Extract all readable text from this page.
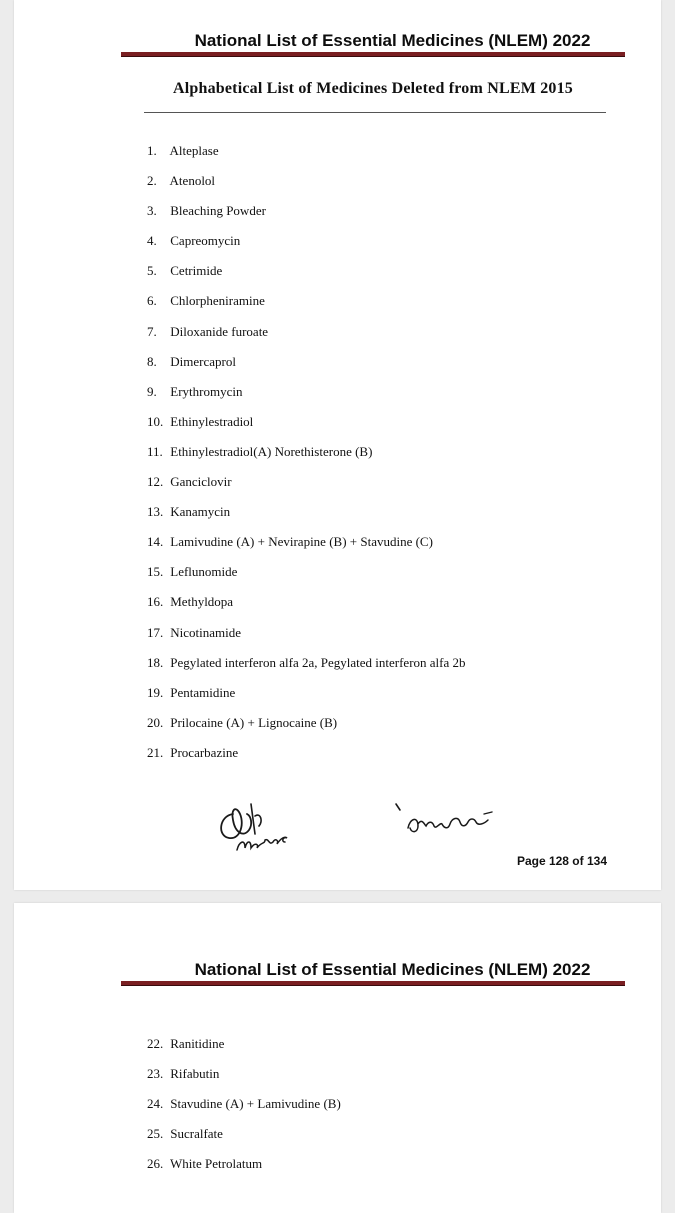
National List of Essential Medicines (NLEM) 2022
Alphabetical List of Medicines Deleted from NLEM 2015
1. Alteplase
2. Atenolol
3. Bleaching Powder
4. Capreomycin
5. Cetrimide
6. Chlorpheniramine
7. Diloxanide furoate
8. Dimercaprol
9. Erythromycin
10. Ethinylestradiol
11. Ethinylestradiol(A) Norethisterone (B)
12. Ganciclovir
13. Kanamycin
14. Lamivudine (A) + Nevirapine (B) + Stavudine (C)
15. Leflunomide
16. Methyldopa
17. Nicotinamide
18. Pegylated interferon alfa 2a, Pegylated interferon alfa 2b
19. Pentamidine
20. Prilocaine (A) + Lignocaine (B)
21. Procarbazine
Page 128 of 134
National List of Essential Medicines (NLEM) 2022
22. Ranitidine
23. Rifabutin
24. Stavudine (A) + Lamivudine (B)
25. Sucralfate
26. White Petrolatum
